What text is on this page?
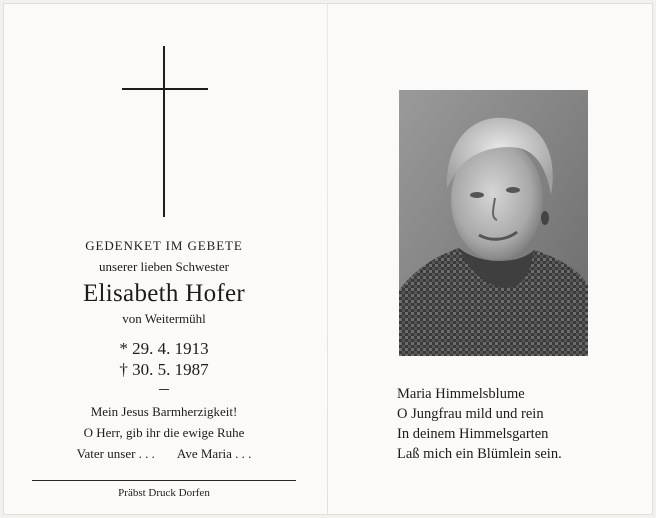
GEDENKET IM GEBETE
unserer lieben Schwester
Elisabeth Hofer
von Weitermühl
* 29. 4. 1913
† 30. 5. 1987
Mein Jesus Barmherzigkeit!
O Herr, gib ihr die ewige Ruhe
Vater unser . . . Ave Maria . . .
Präbst Druck Dorfen
Maria Himmelsblume
O Jungfrau mild und rein
In deinem Himmelsgarten
Laß mich ein Blümlein sein.
